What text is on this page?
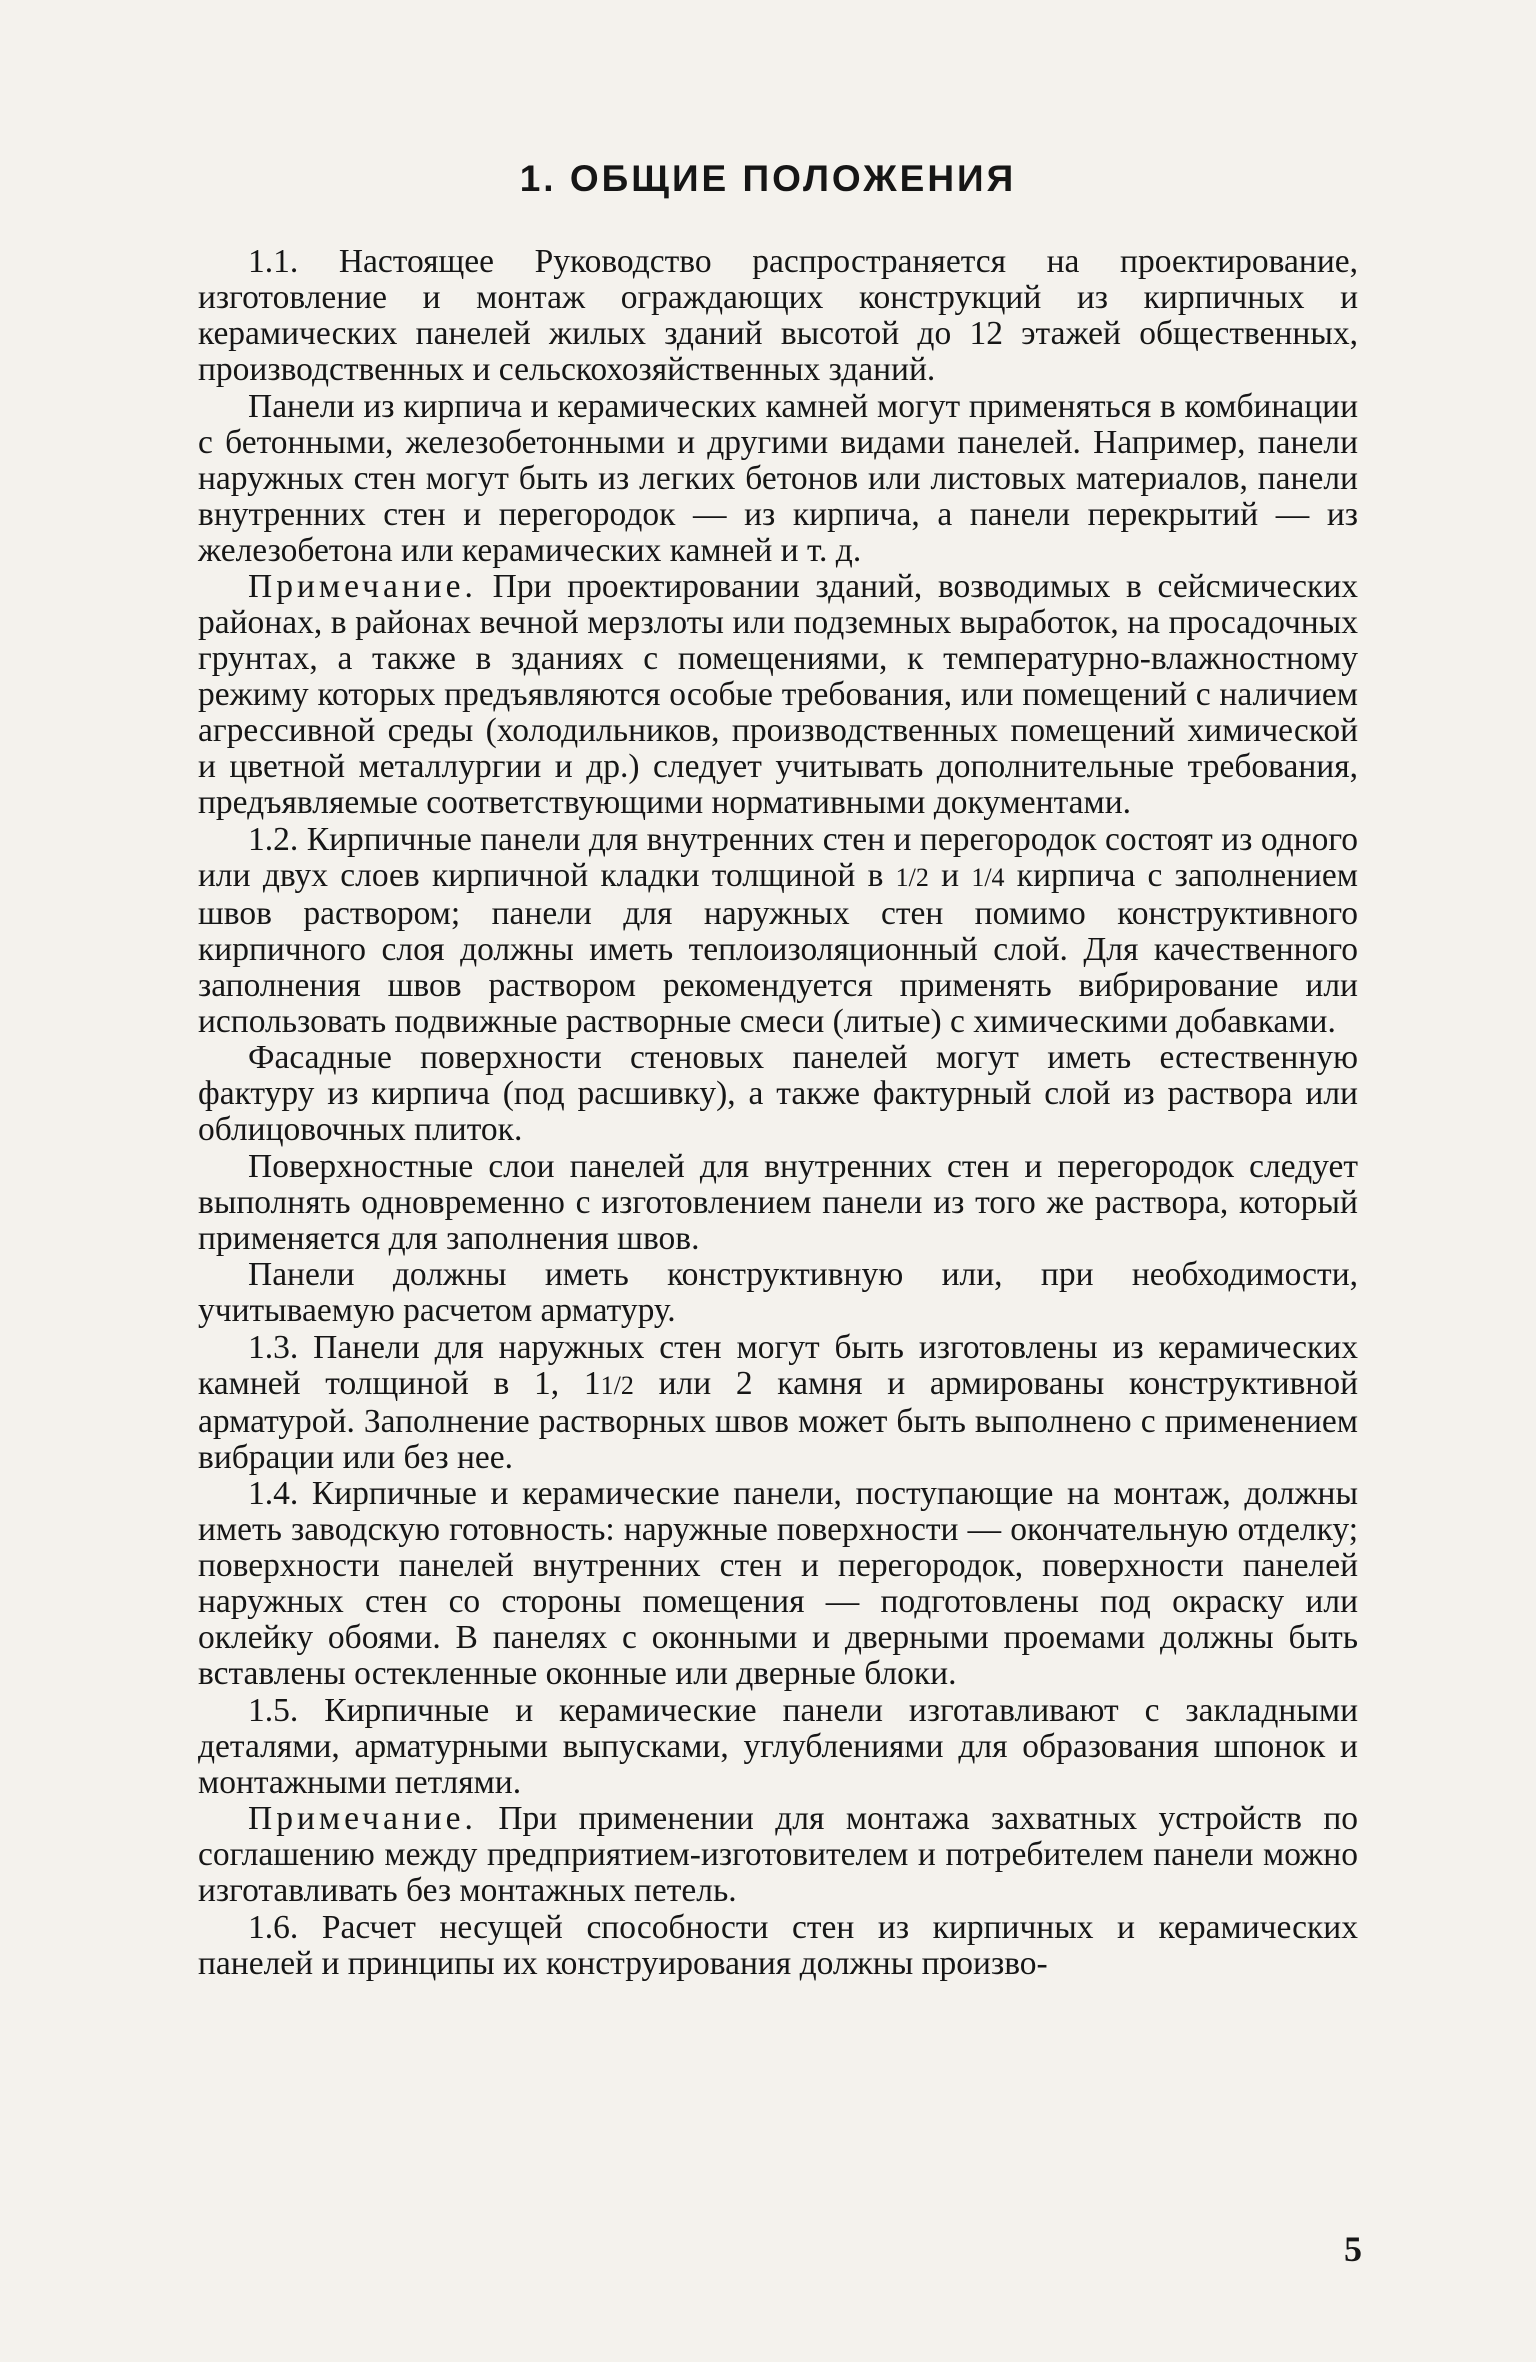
1. ОБЩИЕ ПОЛОЖЕНИЯ

1.1. Настоящее Руководство распространяется на проектирование, изготовление и монтаж ограждающих конструкций из кирпичных и керамических панелей жилых зданий высотой до 12 этажей общественных, производственных и сельскохозяйственных зданий.

Панели из кирпича и керамических камней могут применяться в комбинации с бетонными, железобетонными и другими видами панелей. Например, панели наружных стен могут быть из легких бетонов или листовых материалов, панели внутренних стен и перегородок — из кирпича, а панели перекрытий — из железобетона или керамических камней и т. д.

Примечание. При проектировании зданий, возводимых в сейсмических районах, в районах вечной мерзлоты или подземных выработок, на просадочных грунтах, а также в зданиях с помещениями, к температурно-влажностному режиму которых предъявляются особые требования, или помещений с наличием агрессивной среды (холодильников, производственных помещений химической и цветной металлургии и др.) следует учитывать дополнительные требования, предъявляемые соответствующими нормативными документами.

1.2. Кирпичные панели для внутренних стен и перегородок состоят из одного или двух слоев кирпичной кладки толщиной в 1/2 и 1/4 кирпича с заполнением швов раствором; панели для наружных стен помимо конструктивного кирпичного слоя должны иметь теплоизоляционный слой. Для качественного заполнения швов раствором рекомендуется применять вибрирование или использовать подвижные растворные смеси (литые) с химическими добавками.

Фасадные поверхности стеновых панелей могут иметь естественную фактуру из кирпича (под расшивку), а также фактурный слой из раствора или облицовочных плиток.

Поверхностные слои панелей для внутренних стен и перегородок следует выполнять одновременно с изготовлением панели из того же раствора, который применяется для заполнения швов.

Панели должны иметь конструктивную или, при необходимости, учитываемую расчетом арматуру.

1.3. Панели для наружных стен могут быть изготовлены из керамических камней толщиной в 1, 11/2 или 2 камня и армированы конструктивной арматурой. Заполнение растворных швов может быть выполнено с применением вибрации или без нее.

1.4. Кирпичные и керамические панели, поступающие на монтаж, должны иметь заводскую готовность: наружные поверхности — окончательную отделку; поверхности панелей внутренних стен и перегородок, поверхности панелей наружных стен со стороны помещения — подготовлены под окраску или оклейку обоями. В панелях с оконными и дверными проемами должны быть вставлены остекленные оконные или дверные блоки.

1.5. Кирпичные и керамические панели изготавливают с закладными деталями, арматурными выпусками, углублениями для образования шпонок и монтажными петлями.

Примечание. При применении для монтажа захватных устройств по соглашению между предприятием-изготовителем и потребителем панели можно изготавливать без монтажных петель.

1.6. Расчет несущей способности стен из кирпичных и керамических панелей и принципы их конструирования должны произво-

5
